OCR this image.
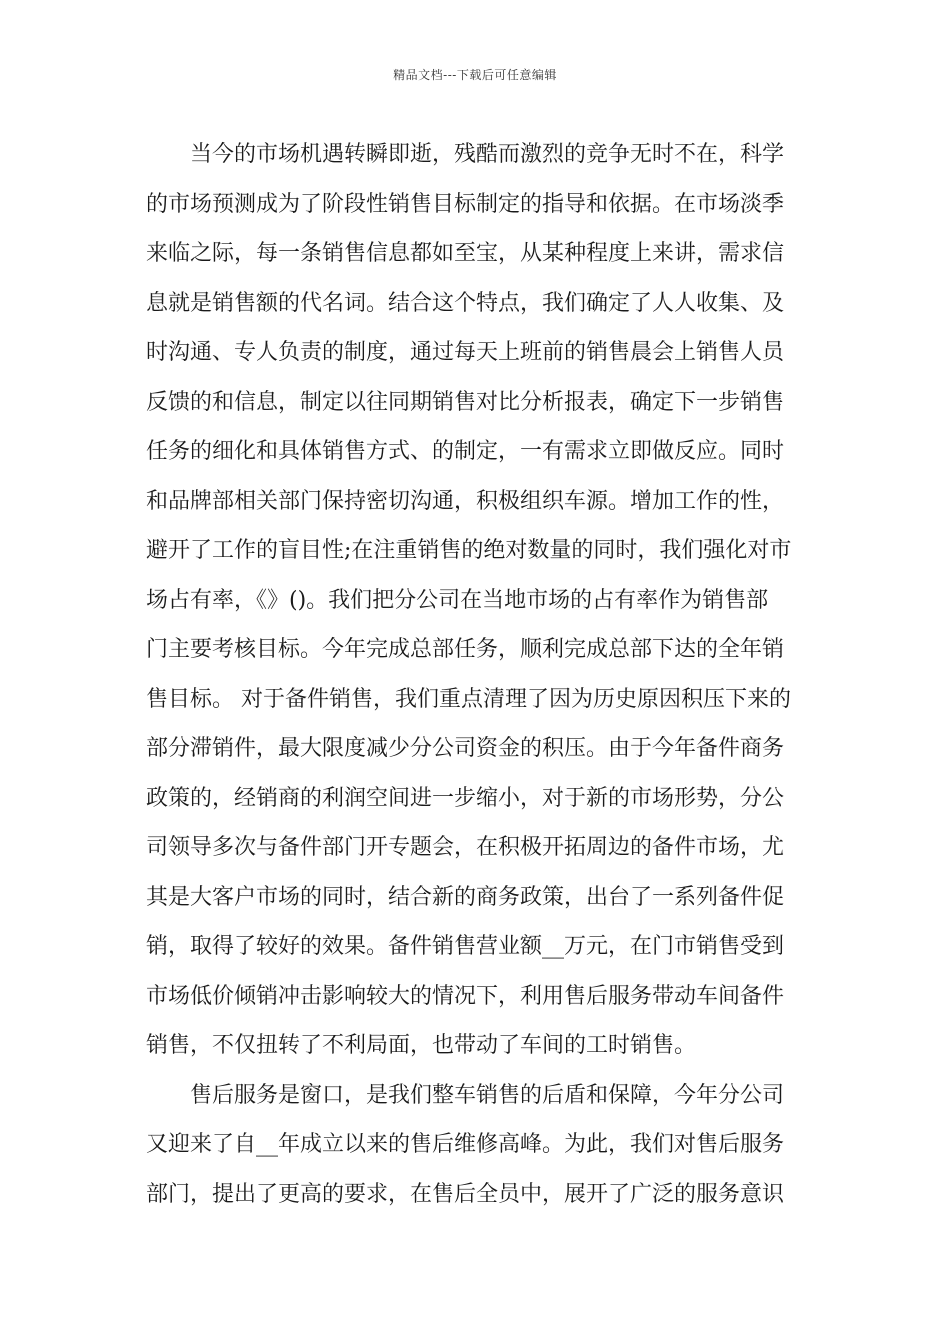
精品文档---下载后可任意编辑
当今的市场机遇转瞬即逝，残酷而激烈的竞争无时不在，科学
的市场预测成为了阶段性销售目标制定的指导和依据。在市场淡季
来临之际，每一条销售信息都如至宝，从某种程度上来讲，需求信
息就是销售额的代名词。结合这个特点，我们确定了人人收集、及
时沟通、专人负责的制度，通过每天上班前的销售晨会上销售人员
反馈的和信息，制定以往同期销售对比分析报表，确定下一步销售
任务的细化和具体销售方式、的制定，一有需求立即做反应。同时
和品牌部相关部门保持密切沟通，积极组织车源。增加工作的性，
避开了工作的盲目性;在注重销售的绝对数量的同时，我们强化对市
场占有率，《》()。我们把分公司在当地市场的占有率作为销售部
门主要考核目标。今年完成总部任务，顺利完成总部下达的全年销
售目标。 对于备件销售，我们重点清理了因为历史原因积压下来的
部分滞销件，最大限度减少分公司资金的积压。由于今年备件商务
政策的，经销商的利润空间进一步缩小，对于新的市场形势，分公
司领导多次与备件部门开专题会，在积极开拓周边的备件市场，尤
其是大客户市场的同时，结合新的商务政策，出台了一系列备件促
销，取得了较好的效果。备件销售营业额__万元，在门市销售受到
市场低价倾销冲击影响较大的情况下，利用售后服务带动车间备件
销售，不仅扭转了不利局面，也带动了车间的工时销售。
售后服务是窗口，是我们整车销售的后盾和保障，今年分公司
又迎来了自__年成立以来的售后维修高峰。为此，我们对售后服务
部门，提出了更高的要求，在售后全员中，展开了广泛的服务意识
